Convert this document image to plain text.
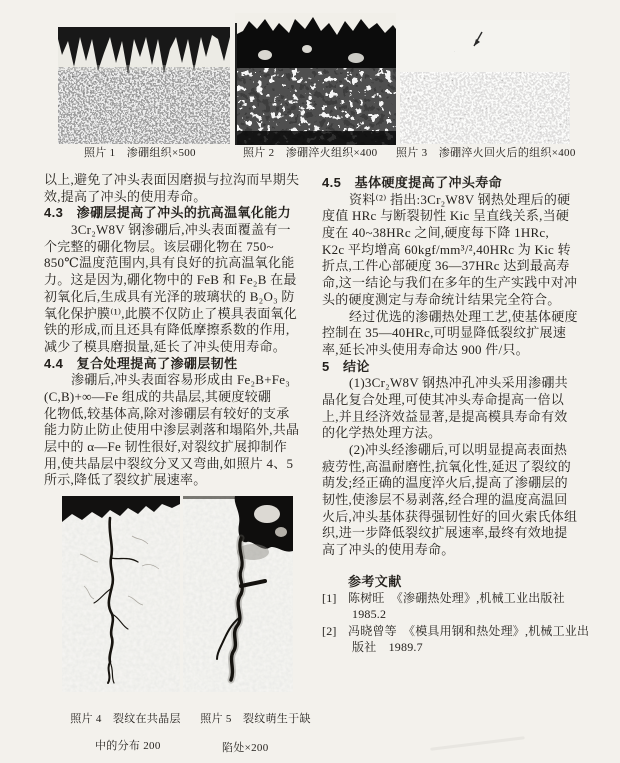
照片 1　渗硼组织×500	照片 2　渗硼淬火组织×400 照片 3　渗硼淬火回火后的组织×400
以上,避免了冲头表面因磨损与拉沟而早期失
效,提高了冲头的使用寿命。
4.3　渗硼层提高了冲头的抗高温氧化能力
3Cr₂W8V 钢渗硼后,冲头表面覆盖有一
个完整的硼化物层。该层硼化物在 750~
850℃温度范围内,具有良好的抗高温氧化能
力。这是因为,硼化物中的 FeB 和 Fe₂B 在最
初氧化后,生成具有光泽的玻璃状的 B₂O₃ 防
氧化保护膜⁽¹⁾,此膜不仅防止了模具表面氧化
铁的形成,而且还具有降低摩擦系数的作用,
减少了模具磨损量,延长了冲头使用寿命。
4.4　复合处理提高了渗硼层韧性
渗硼后,冲头表面容易形成由 Fe₂B+Fe₃
(C,B)+∞—Fe 组成的共晶层,其硬度较硼
化物低,较基体高,除对渗硼层有较好的支承
能力防止防止使用中渗层剥落和塌陷外,共晶
层中的 α—Fe 韧性很好,对裂纹扩展抑制作
用,使共晶层中裂纹分叉又弯曲,如照片 4、5
所示,降低了裂纹扩展速率。
4.5　基体硬度提高了冲头寿命
资料⁽²⁾ 指出:3Cr₂W8V 钢热处理后的硬
度值 HRc 与断裂韧性 Kic 呈直线关系,当硬
度在 40~38HRc 之间,硬度每下降 1HRc,
K2c 平均增高 60kgf/mm³/²,40HRc 为 Kic 转
折点,工件心部硬度 36—37HRc 达到最高寿
命,这一结论与我们在多年的生产实践中对冲
头的硬度测定与寿命统计结果完全符合。
经过优选的渗硼热处理工艺,使基体硬度
控制在 35—40HRc,可明显降低裂纹扩展速
率,延长冲头使用寿命达 900 件/只。
5　结论
(1)3Cr₂W8V 钢热冲孔冲头采用渗硼共
晶化复合处理,可使其冲头寿命提高一倍以
上,并且经济效益显著,是提高模具寿命有效
的化学热处理方法。
(2)冲头经渗硼后,可以明显提高表面热
疲劳性,高温耐磨性,抗氧化性,延迟了裂纹的
萌发;经正确的温度淬火后,提高了渗硼层的
韧性,使渗层不易剥落,经合理的温度高温回
火后,冲头基体获得强韧性好的回火索氏体组
织,进一步降低裂纹扩展速率,最终有效地提
高了冲头的使用寿命。
参考文献
[1] 陈树旺　《渗硼热处理》,机械工业出版社
1985.2
[2] 冯晓曾等　《模具用钢和热处理》,机械工业出
版社　1989.7

照片 4　裂纹在共晶层

中的分布 200

照片 5　裂纹萌生于缺

陷处×200
